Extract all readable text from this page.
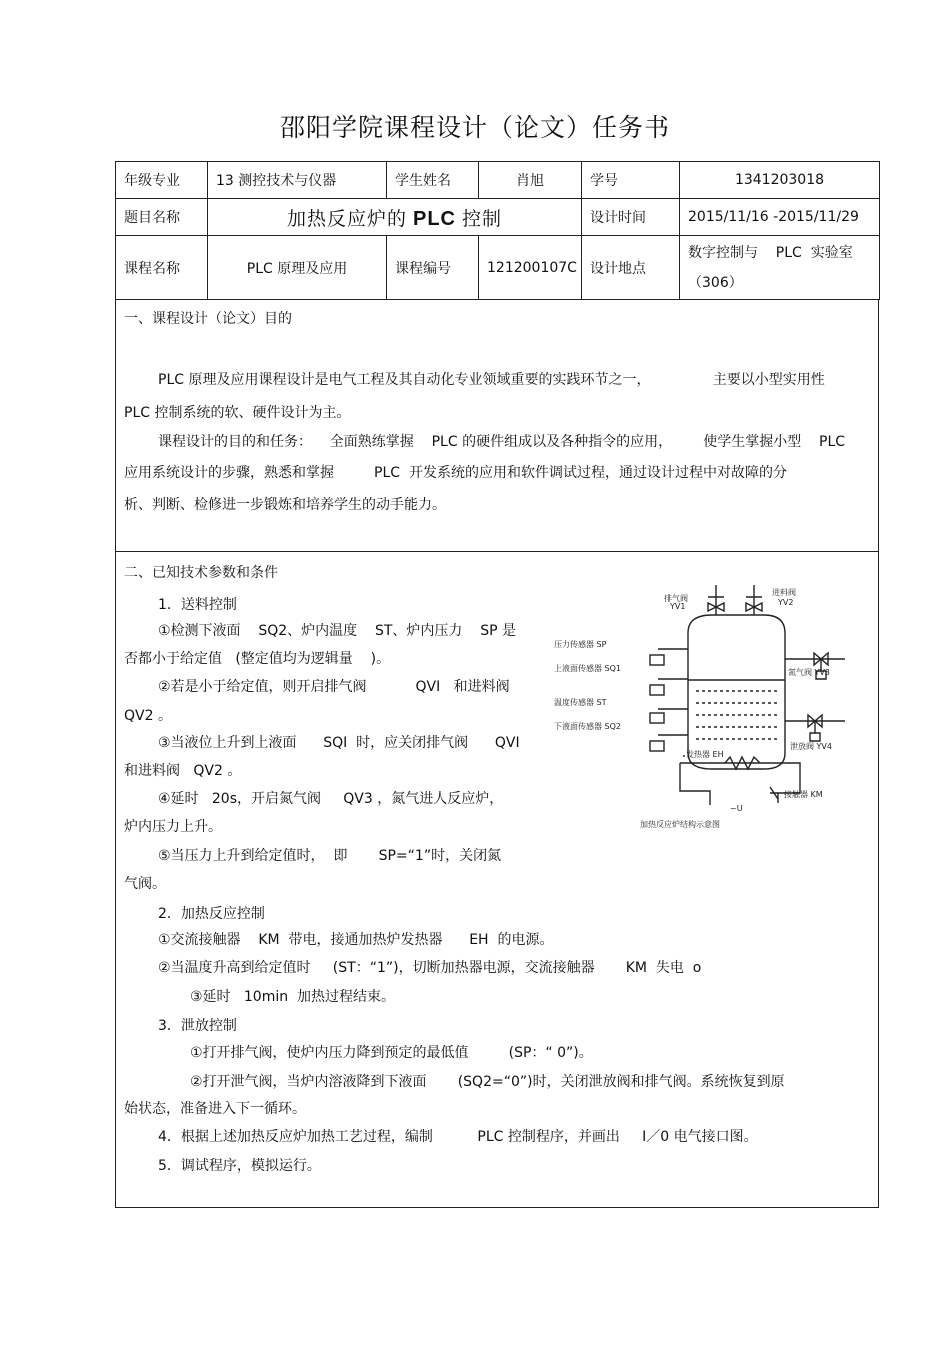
邵阳学院课程设计（论文）任务书
年级专业	13 测控技术与仪器	学生姓名	肖旭	学号	1341203018
题目名称	加热反应炉的 PLC 控制			设计时间	2015/11/16 -2015/11/29
课程名称	PLC 原理及应用	课程编号	121200107C	设计地点	数字控制与    PLC  实验室
（306）
一、课程设计（论文）目的
PLC 原理及应用课程设计是电气工程及其自动化专业领域重要的实践环节之一，              主要以小型实用性
PLC 控制系统的软、硬件设计为主。
课程设计的目的和任务：    全面熟练掌握    PLC 的硬件组成以及各种指令的应用，       使学生掌握小型    PLC
应用系统设计的步骤，熟悉和掌握         PLC  开发系统的应用和软件调试过程，通过设计过程中对故障的分
析、判断、检修进一步锻炼和培养学生的动手能力。
二、已知技术参数和条件
1．送料控制
①检测下液面    SQ2、炉内温度    ST、炉内压力    SP 是
否都小于给定值   (整定值均为逻辑量    )。
②若是小于给定值，则开启排气阀           QVI   和进料阀
QV2 。
③当液位上升到上液面      SQI  时，应关闭排气阀      QVI
和进料阀   QV2 。
④延时   20s，开启氮气阀     QV3 ，氮气进人反应炉，
炉内压力上升。
⑤当压力上升到给定值时，  即       SP=“1”时，关闭氮
气阀。
2．加热反应控制
①交流接触器    KM  带电，接通加热炉发热器      EH  的电源。
②当温度升高到给定值时     (ST：“1”)，切断加热器电源，交流接触器       KM  失电  o
③延时   10min  加热过程结束。
3．泄放控制
①打开排气阀，使炉内压力降到预定的最低值         (SP：“ 0”)。
②打开泄气阀，当炉内溶液降到下液面       (SQ2=“0”)时，关闭泄放阀和排气阀。系统恢复到原
始状态，准备进入下一循环。
4．根据上述加热反应炉加热工艺过程，编制          PLC 控制程序，并画出     I／0 电气接口图。
5．调试程序，模拟运行。
排气阀
YV1
进料阀
YV2
压力传感器 SP
上液面传感器 SQ1
温度传感器 ST
下液面传感器 SQ2
氮气阀 YV3
泄放阀 YV4
发热器 EH
接触器 KM
~U
加热反应炉结构示意图
